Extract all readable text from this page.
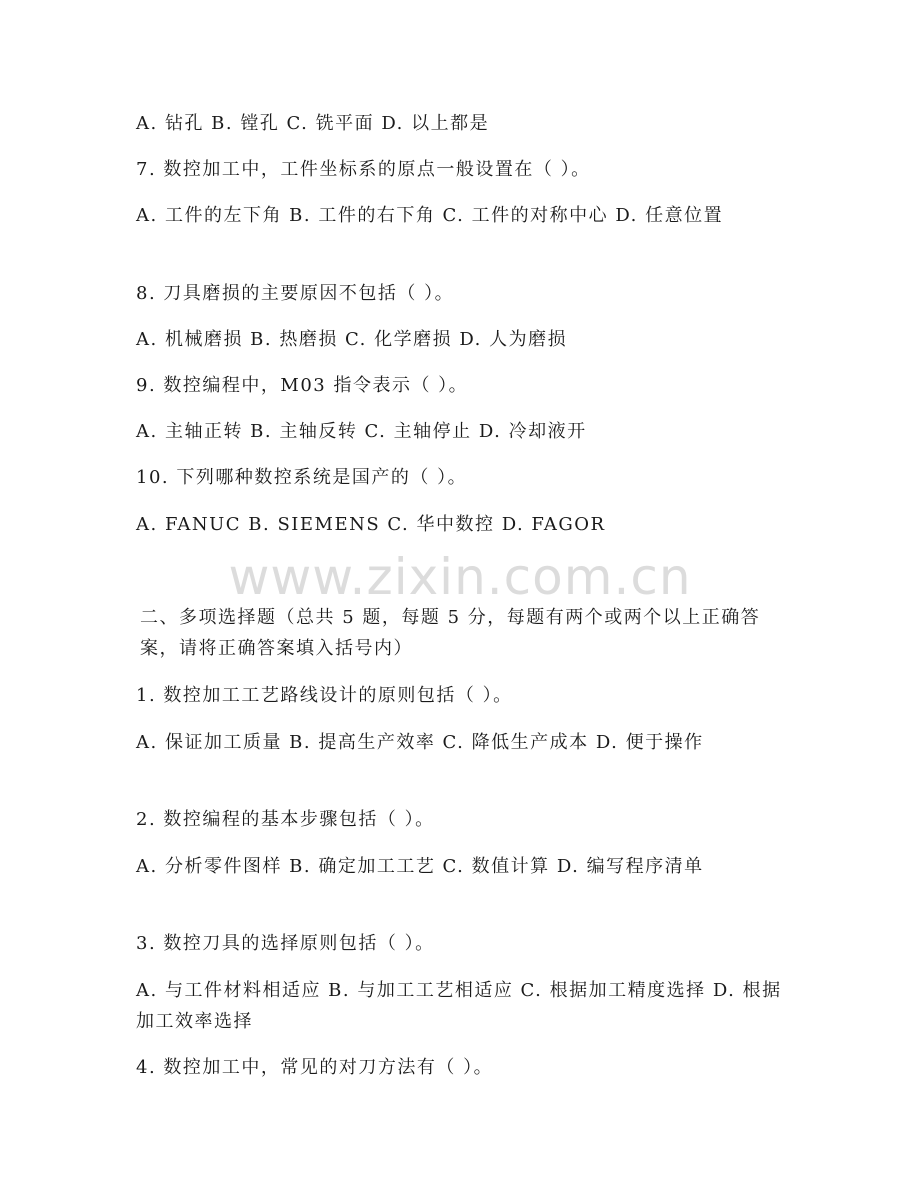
A. 钻孔 B. 镗孔 C. 铣平面 D. 以上都是
7. 数控加工中，工件坐标系的原点一般设置在（ ）。
A. 工件的左下角 B. 工件的右下角 C. 工件的对称中心 D. 任意位置
8. 刀具磨损的主要原因不包括（ ）。
A. 机械磨损 B. 热磨损 C. 化学磨损 D. 人为磨损
9. 数控编程中，M03 指令表示（ ）。
A. 主轴正转 B. 主轴反转 C. 主轴停止 D. 冷却液开
10. 下列哪种数控系统是国产的（ ）。
A. FANUC B. SIEMENS C. 华中数控 D. FAGOR
www.zixin.com.cn
二、多项选择题（总共 5 题，每题 5 分，每题有两个或两个以上正确答案，请将正确答案填入括号内）
1. 数控加工工艺路线设计的原则包括（ ）。
A. 保证加工质量 B. 提高生产效率 C. 降低生产成本 D. 便于操作
2. 数控编程的基本步骤包括（ ）。
A. 分析零件图样 B. 确定加工工艺 C. 数值计算 D. 编写程序清单
3. 数控刀具的选择原则包括（ ）。
A. 与工件材料相适应 B. 与加工工艺相适应 C. 根据加工精度选择 D. 根据加工效率选择
4. 数控加工中，常见的对刀方法有（ ）。
